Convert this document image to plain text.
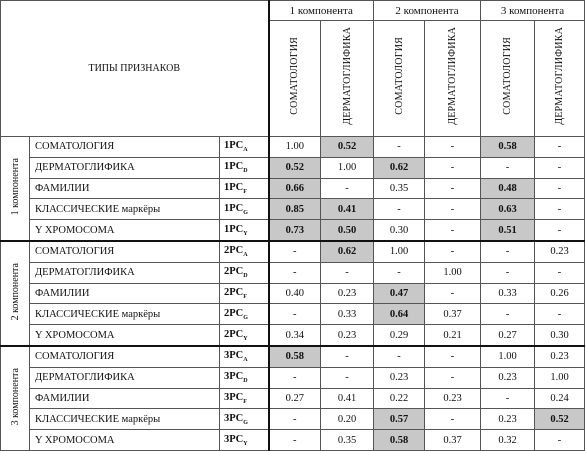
ТИПЫ ПРИЗНАКОВ			1 компонента		2 компонента		3 компонента	
			СОМАТОЛОГИЯ	ДЕРМАТОГЛИФИКА	СОМАТОЛОГИЯ	ДЕРМАТОГЛИФИКА	СОМАТОЛОГИЯ	ДЕРМАТОГЛИФИКА
1 компонента	СОМАТОЛОГИЯ	$1PC_A$	1.00	0.52	-	-	0.58	-
	ДЕРМАТОГЛИФИКА	$1PC_D$	0.52	1.00	0.62	-	-	-
	ФАМИЛИИ	$1PC_F$	0.66	-	0.35	-	0.48	-
	КЛАССИЧЕСКИЕ маркёры	$1PC_G$	0.85	0.41	-	-	0.63	-
	Y ХРОМОСОМА	$1PC_Y$	0.73	0.50	0.30	-	0.51	-
2 компонента	СОМАТОЛОГИЯ	$2PC_A$	-	0.62	1.00	-	-	0.23
	ДЕРМАТОГЛИФИКА	$2PC_D$	-	-	-	1.00	-	-
	ФАМИЛИИ	$2PC_F$	0.40	0.23	0.47	-	0.33	0.26
	КЛАССИЧЕСКИЕ маркёры	$2PC_G$	-	0.33	0.64	0.37	-	-
	Y ХРОМОСОМА	$2PC_Y$	0.34	0.23	0.29	0.21	0.27	0.30
3 компонента	СОМАТОЛОГИЯ	$3PC_A$	0.58	-	-	-	1.00	0.23
	ДЕРМАТОГЛИФИКА	$3PC_D$	-	-	0.23	-	0.23	1.00
	ФАМИЛИИ	$3PC_F$	0.27	0.41	0.22	0.23	-	0.24
	КЛАССИЧЕСКИЕ маркёры	$3PC_G$	-	0.20	0.57	-	0.23	0.52
	Y ХРОМОСОМА	$3PC_Y$	-	0.35	0.58	0.37	0.32	-
